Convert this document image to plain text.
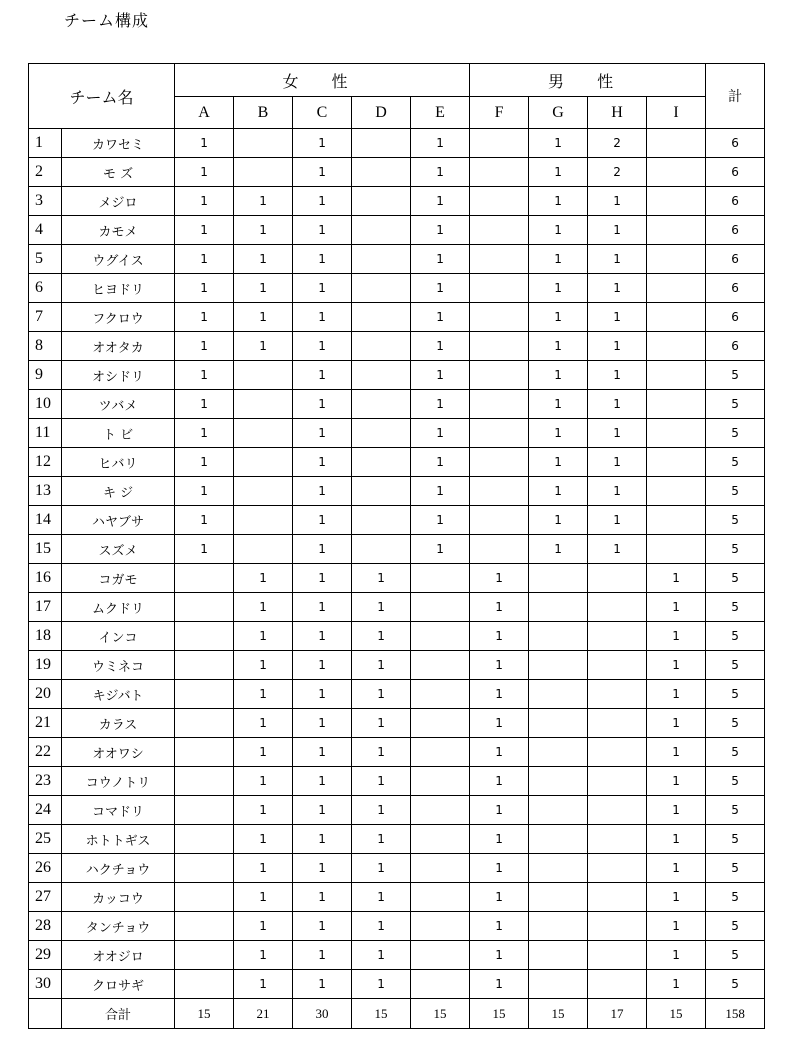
チーム構成
チーム名		女 性					男 性				計
		A	B	C	D	E	F	G	H	I	
1	カワセミ	1		1		1		1	2		6
2	モ ズ	1		1		1		1	2		6
3	メジロ	1	1	1		1		1	1		6
4	カモメ	1	1	1		1		1	1		6
5	ウグイス	1	1	1		1		1	1		6
6	ヒヨドリ	1	1	1		1		1	1		6
7	フクロウ	1	1	1		1		1	1		6
8	オオタカ	1	1	1		1		1	1		6
9	オシドリ	1		1		1		1	1		5
10	ツバメ	1		1		1		1	1		5
11	ト ビ	1		1		1		1	1		5
12	ヒバリ	1		1		1		1	1		5
13	キ ジ	1		1		1		1	1		5
14	ハヤブサ	1		1		1		1	1		5
15	スズメ	1		1		1		1	1		5
16	コガモ		1	1	1		1			1	5
17	ムクドリ		1	1	1		1			1	5
18	インコ		1	1	1		1			1	5
19	ウミネコ		1	1	1		1			1	5
20	キジバト		1	1	1		1			1	5
21	カラス		1	1	1		1			1	5
22	オオワシ		1	1	1		1			1	5
23	コウノトリ		1	1	1		1			1	5
24	コマドリ		1	1	1		1			1	5
25	ホトトギス		1	1	1		1			1	5
26	ハクチョウ		1	1	1		1			1	5
27	カッコウ		1	1	1		1			1	5
28	タンチョウ		1	1	1		1			1	5
29	オオジロ		1	1	1		1			1	5
30	クロサギ		1	1	1		1			1	5
	合計	15	21	30	15	15	15	15	17	15	158
